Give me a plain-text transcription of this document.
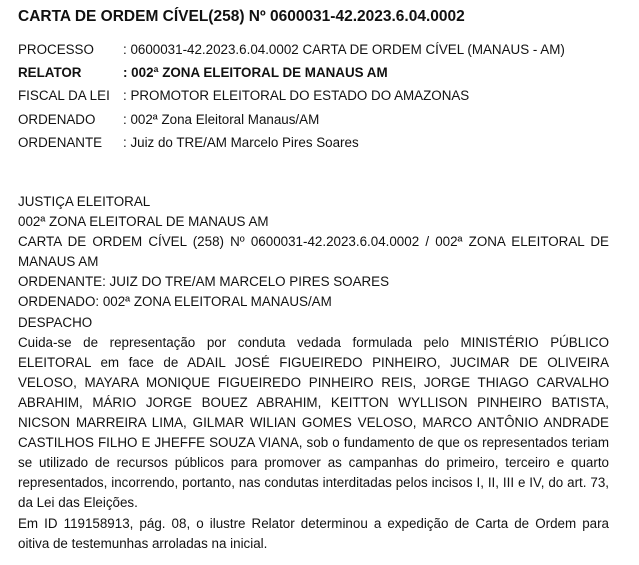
CARTA DE ORDEM CÍVEL(258) Nº 0600031-42.2023.6.04.0002
PROCESSO	: 0600031-42.2023.6.04.0002 CARTA DE ORDEM CÍVEL (MANAUS - AM)
RELATOR	: 002ª ZONA ELEITORAL DE MANAUS AM
FISCAL DA LEI : PROMOTOR ELEITORAL DO ESTADO DO AMAZONAS
ORDENADO	: 002ª Zona Eleitoral Manaus/AM
ORDENANTE	: Juiz do TRE/AM Marcelo Pires Soares
JUSTIÇA ELEITORAL
002ª ZONA ELEITORAL DE MANAUS AM
CARTA DE ORDEM CÍVEL (258) Nº 0600031-42.2023.6.04.0002 / 002ª ZONA ELEITORAL DE
MANAUS AM
ORDENANTE: JUIZ DO TRE/AM MARCELO PIRES SOARES
ORDENADO: 002ª ZONA ELEITORAL MANAUS/AM
DESPACHO
Cuida-se de representação por conduta vedada formulada pelo MINISTÉRIO PÚBLICO
ELEITORAL em face de ADAIL JOSÉ FIGUEIREDO PINHEIRO, JUCIMAR DE OLIVEIRA
VELOSO, MAYARA MONIQUE FIGUEIREDO PINHEIRO REIS, JORGE THIAGO CARVALHO
ABRAHIM, MÁRIO JORGE BOUEZ ABRAHIM, KEITTON WYLLISON PINHEIRO BATISTA,
NICSON MARREIRA LIMA, GILMAR WILIAN GOMES VELOSO, MARCO ANTÔNIO ANDRADE
CASTILHOS FILHO E JHEFFE SOUZA VIANA, sob o fundamento de que os representados teriam
se utilizado de recursos públicos para promover as campanhas do primeiro, terceiro e quarto
representados, incorrendo, portanto, nas condutas interditadas pelos incisos I, II, III e IV, do art. 73,
da Lei das Eleições.
Em ID 119158913, pág. 08, o ilustre Relator determinou a expedição de Carta de Ordem para
oitiva de testemunhas arroladas na inicial.
